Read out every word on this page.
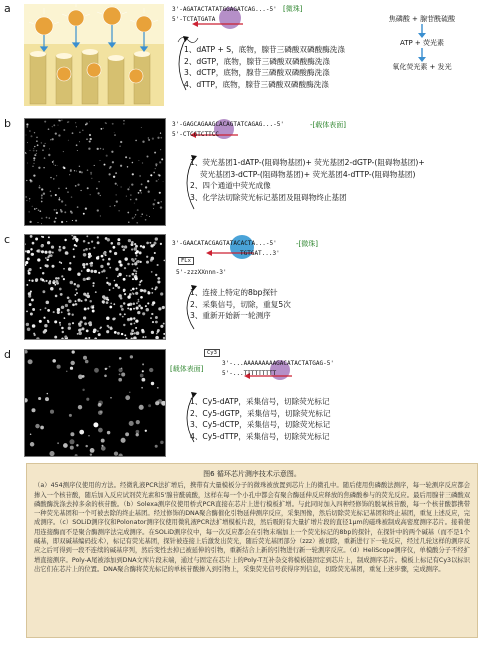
a	3'-AGATACTATATGGAGATCAG...-5'
5'-TCTATGATA
[微珠]
1、dATP + S，底物，腺苷三磷酸双磷酸酶洗涤
2、dGTP，底物，腺苷三磷酸双磷酸酶洗涤
3、dCTP，底物，腺苷三磷酸双磷酸酶洗涤
4、dTTP，底物，腺苷三磷酸双磷酸酶洗涤
焦磷酸 + 腺苷酰硫酸
ATP + 荧光素
氧化荧光素 + 发光
b	3'-GAGCAGAAGCACAGTATCAGAG...-5'
5'-CTCGTCTTCC
-[载体表面]
1、荧光基团1-dATP-(阻碍物基团)+ 荧光基团2-dGTP-(阻碍物基团)+
荧光基团3-dCTP-(阻碍物基团)+ 荧光基团4-dTTP-(阻碍物基团)
2、四个通道中荧光成像
3、化学法切除荧光标记基团及阻碍物终止基团
c	3'-GAACATACGAGTATACACTA...-5'
TGTGAT...3'
-[微珠]
FLx
5'-zzzXXnnn-3'
1、连接上特定的8bp探针
2、采集信号，切除，重复5次
3、重新开始新一轮测序
d	Cy3
3'-...AAAAAAAAAGACATACTATGAG-5'
5'-...TTTTTTTTT
[载体表面]
1、Cy5-dATP，采集信号，切除荧光标记
2、Cy5-dGTP，采集信号，切除荧光标记
3、Cy5-dCTP，采集信号，切除荧光标记
4、Cy5-dTTP，采集信号，切除荧光标记
图6 循环芯片测序技术示意图。
（a）454测序仪使用的方法。经微乳液PCR法扩增后，携带有大量模板分子的微珠被放置到芯片上的微孔中。随后使用焦磷酸法测序，每一轮测序反应都会掺入一个核苷酸，随后加入反应试剂荧光素和5'腺苷酰硫酸，这样在每一个小孔中都会有聚合酶延伸反应释放的焦磷酸参与的荧光反应。最后用腺苷三磷酸双磷酸酶洗涤去掉多余的核苷酸。（b）Solexa测序仪使用桥式PCR直接在芯片上进行模板扩增。与此同时加入四种经修饰的脱氧核苷酸，每一个核苷酸都携带一种荧光基团和一个可被去除的终止基团。经过修饰的DNA聚合酶催化引物延伸测序反应，采集图像，然后切除荧光标记基团和终止基团，重复上述反应，完成测序。（c）SOLiD测序仪和Polonator测序仪使用微乳液PCR法扩增模板片段，然后吸附有大量扩增片段的直径1μm的磁珠被制成高密度测序芯片。接着使用连接酶而不是聚合酶测序法完成测序。在SOLiD测序仪中，每一次反应都会在引物末端加上一个荧光标记的8bp的探针，在探针中的两个碱基（而不是1个碱基，即双碱基编码技术），标记有荧光基团，探针被连接上后激发出荧光，随后荧光基团部分（zzz）被切除，重新进行下一轮反应，经过几轮这样的测序反应之后可得到一段不连续的碱基序列，然后变性去掉已被延伸的引物，重新结合上新的引物进行新一轮测序反应。（d）HeliScope测序仪，单模酸分子不经扩增直接测序。Poly-A尾被添加到DNA文库片段末端，通过与固定在芯片上的Poly-T互补杂交将模板链固定到芯片上，制成测序芯片。模板上标记有Cy3以标识出它们在芯片上的位置。DNA聚合酶将荧光标记的单核苷酸掺入到引物上，采集荧光信号获得序列信息，切除荧光基团，重复上述步骤，完成测序。
